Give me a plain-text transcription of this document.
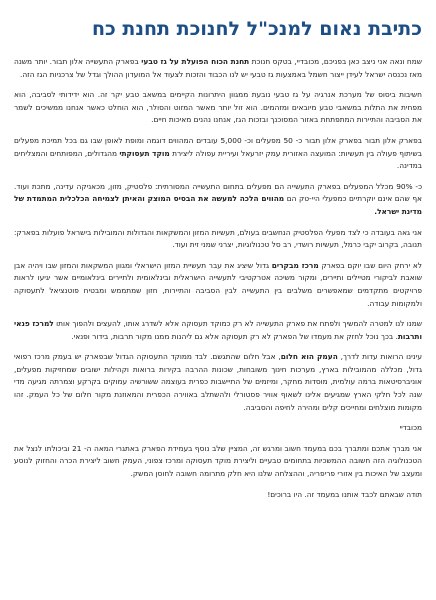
כתיבת נאום למנכ"ל לחנוכת תחנת כח

שמח ונאה אני ניצב כאן בפניכם, מכובדיי, בטקס חנוכת תחנת הכוח הפועלת על גז טבעי בפארק התעשייה אלון תבור. יותר משנה מאז נכנסה ישראל לעידן ייצור חשמל באמצעות גז טבעי יש לנו הכבוד והזכות לצעוד אל המועדון ההולך וגדל של צרכניות הגז הזה.

חשיבות ביסוס של מערכת אנרגיה על גז טבעי נובעת ממגוון היתרונות הקיימים במשאב טבע יקר זה. הוא ידידותי לסביבה, הוא מפחית את התלות במשאבי טבע מיובאים ומזהמים. הוא זול יותר מאשר המזוט והסולר, הוא הוחלט כאשר אנחנו ממשיכים לשמר את הסביבה והתיירות המתפתחת באזור המסוכנך ובזכות הגז, אנחנו נהנים מאיכות חיים.

בפארק אלון תבור בפארק אלון תבור כ- 50 מפעלים וכ- 5,000 עובדים המהווים דוגמה ומופת לאופן שבו גם בכל תמיכת מפעלים בשיתוף פעולה בין תעשיות: המועצה האזורית עמק יזרעאל ועיריית עפולה ליצירת מוקד תעסוקתי מהגדולים, המפותחים והמצליחים במדינה.

כ- 90% מכלל המפעלים בפארק התעשייה הם מפעלים בתחום התעשייה המסורתית: פלסטיק, מזון, מכאניקה עדינה, מתכת ועוד. אף שהם אינם יוקרתיים כמפעלי היי-טק הם מהווים הלכה למעשה את הבסיס המוצק והאיתן לצמיחה הכלכלית המתמדת של מדינת ישראל.

אני גאה בעובדה כי לצד מפעלי הפלסטיק הנחשבים בעולם, תעשיות המזון והמשקאות והגדולות והמובילות בישראל פועלות בפארק: תנובה, בקרוב יקבי כרמל, תעשיות רושדי, רב סל טכנולוגיות, יצרני שמני זית ועוד.

לא ירחק היום שבו יוקם בפארק מרכז מבקרים גדול שיציג את עבר תעשיית המזון הישראלי ומגוון המשקאות והמזון שבו ויהיה אבן שואבת לביקורי מטיילים ותיירים, ומקור משיכה אטרקטיבי לתעשייה הישראלית ובינלאומית ולתיירים בינלאומיים אשר יגיעו לראות פרויקטים מתקדמים שמאפשרים משלבים בין התעשייה לבין הסביבה והתיירות, חזון שמתממש ומבטיח פוטנציאל לתעסוקה ולמקומות עבודה.

שמנו לנו למטרה להמשיך ולפתח את פארק התעשייה לא רק כמוקד תעסוקה אלא לשדרג אותו, להעצים ולהפוך אותו למרכז פנאי ותרבות. בכך נוכל לחזק את מעמדו של הפארק לא רק תעסוקה אלא גם ליהנות ממנו מקור תרבות, בידור ופנאי.

עינינו הרואות עדות לדרך, העמק הוא חלום, אבל חלום שהתגשם. לבד ממוקד התעסוקה הגדול שבפארק יש בעמק מרכז רפואי גדול, מכללה מהמובילות בארץ, מערכות חינוך משובחות, שכונות ההרבה בקירות ברואות וקהילות ישובים שמחזיקות מפעלים, אוניברסיטאות ברמה עולמית, מוסדות מחקר, ומיזמים של התיישבות כפרית בעוצמה ששורשיה עמוקים בקרקע וצמרתה מגיעה מדי שנה לכל חלקי הארץ שמגיעים אלינו לשאוף אוויר פסטורלי ולהשתלב באווירה הכפרית והמאוזנת מקור חלום של כל העמק. זהו מקומות מוצלחים ומחייכים קלים ומהירה לחיפה והסביבה.

מכובדיי

אני מברך אתכם ומתברך בכם במעמד חשוב ומרגש זה, המציין שלב נוסף בעמידת הפארק באתגרי המאה ה- 21 וביכולתו לנצל את הטכנולוגיה הזה חשובה ההמשכיות בתחומים טבעיים וליצירת מוקד תעסוקה ומרכז צפוני, העמק חשוב ליצירת הכרה והחזוק לנוסע ומעצב של האיכות בין אזורי פריפריה, וההצלחה שלנו היא חלק מתרומה חשובה לחוסן המשק.

תודה שבאתם לכבד אותנו במעמד זה. היו ברוכים!
